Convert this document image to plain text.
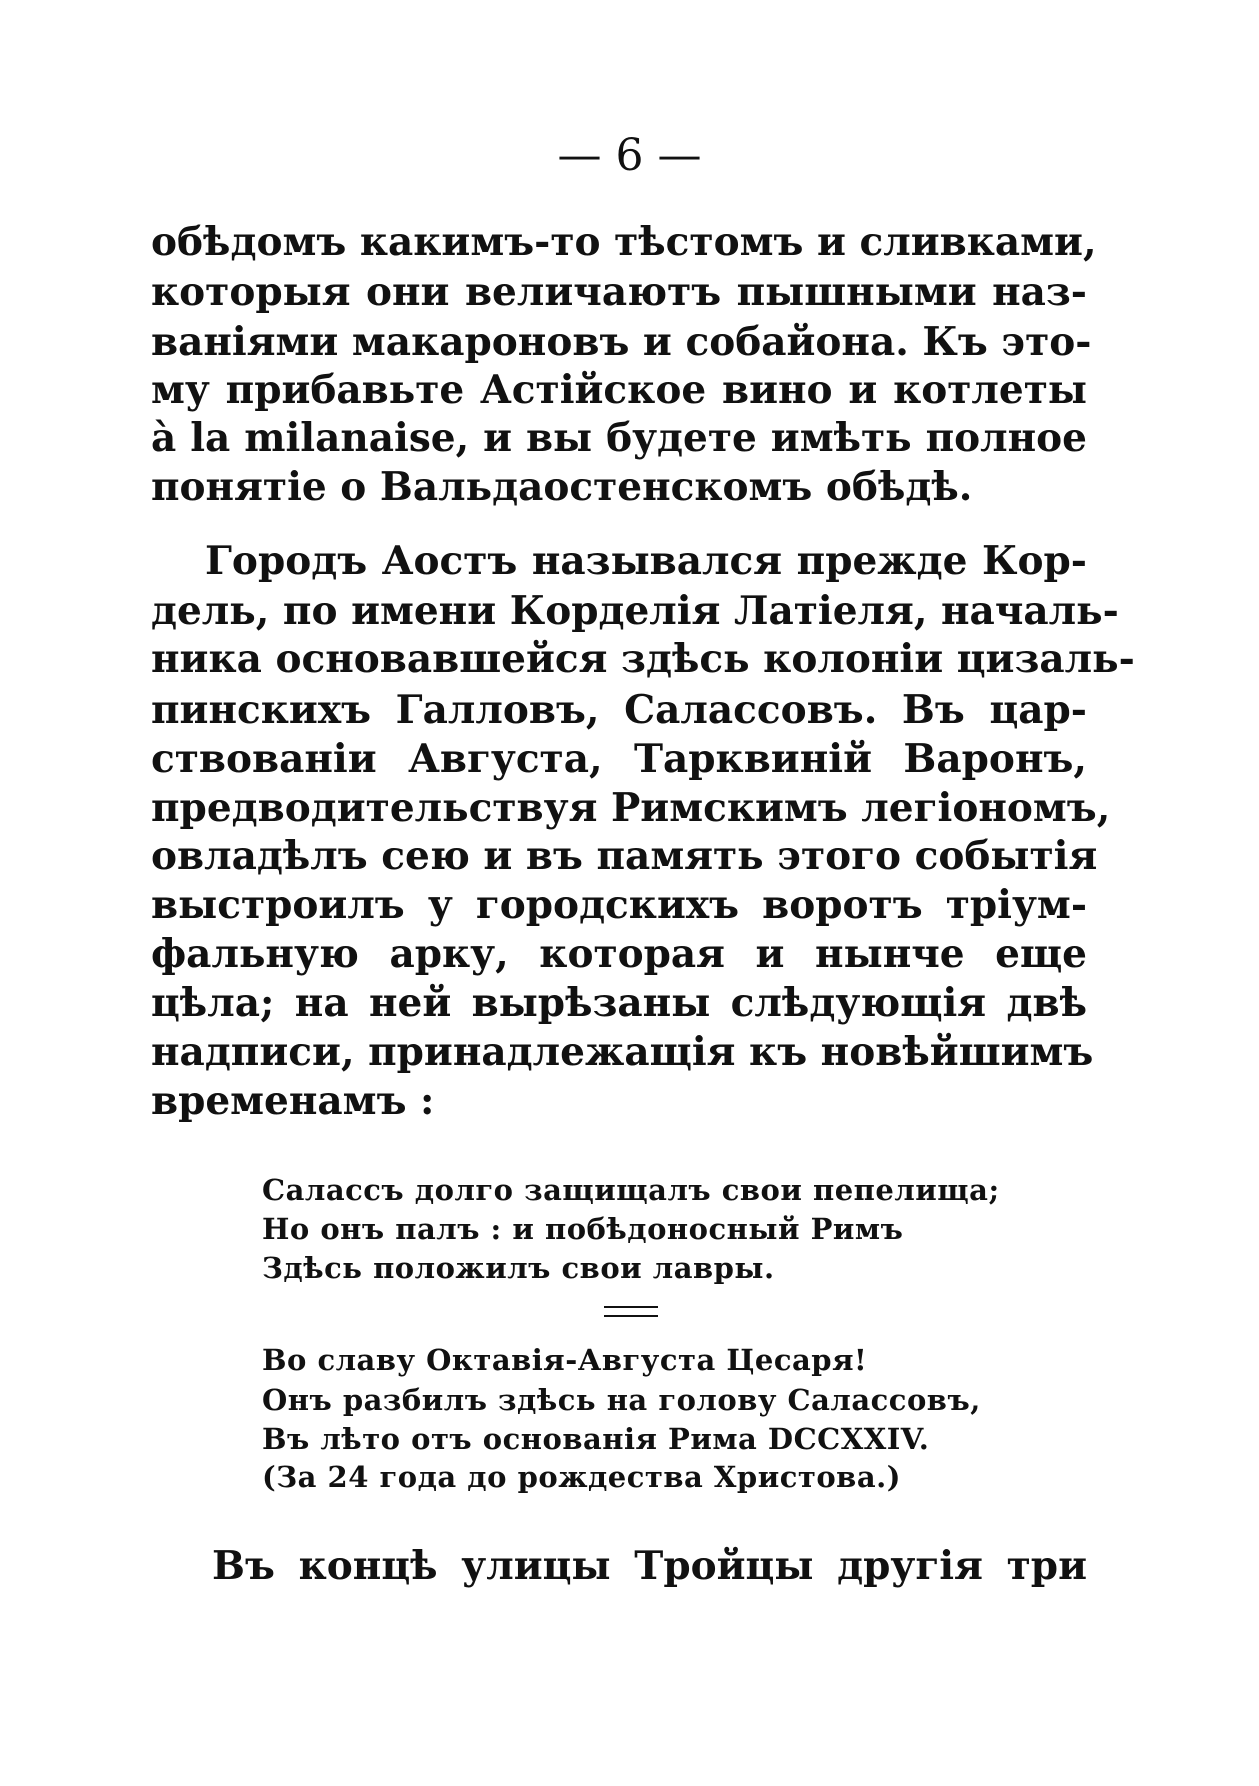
— 6 —
обѣдомъ какимъ-то тѣстомъ и сливками,
которыя они величаютъ пышными наз-
ваніями макароновъ и собайона. Къ это-
му прибавьте Астійское вино и котлеты
à la milanaise, и вы будете имѣть полное
понятіе о Вальдаостенскомъ обѣдѣ.
Городъ Аостъ назывался прежде Кор-
дель, по имени Корделія Латіеля, началь-
ника основавшейся здѣсь колоніи цизаль-
пинскихъ Галловъ, Салассовъ. Въ цар-
ствованіи Августа, Тарквиній Варонъ,
предводительствуя Римскимъ легіономъ,
овладѣлъ сею и въ память этого событія
выстроилъ у городскихъ воротъ тріум-
фальную арку, которая и нынче еще
цѣла; на ней вырѣзаны слѣдующія двѣ
надписи, принадлежащія къ новѣйшимъ
временамъ :
Салассъ долго защищалъ свои пепелища;
Но онъ палъ : и побѣдоносный Римъ
Здѣсь положилъ свои лавры.
Во славу Октавія-Августа Цесаря!
Онъ разбилъ здѣсь на голову Салассовъ,
Въ лѣто отъ основанія Рима DCCXXIV.
(За 24 года до рождества Христова.)
Въ концѣ улицы Тройцы другія три
